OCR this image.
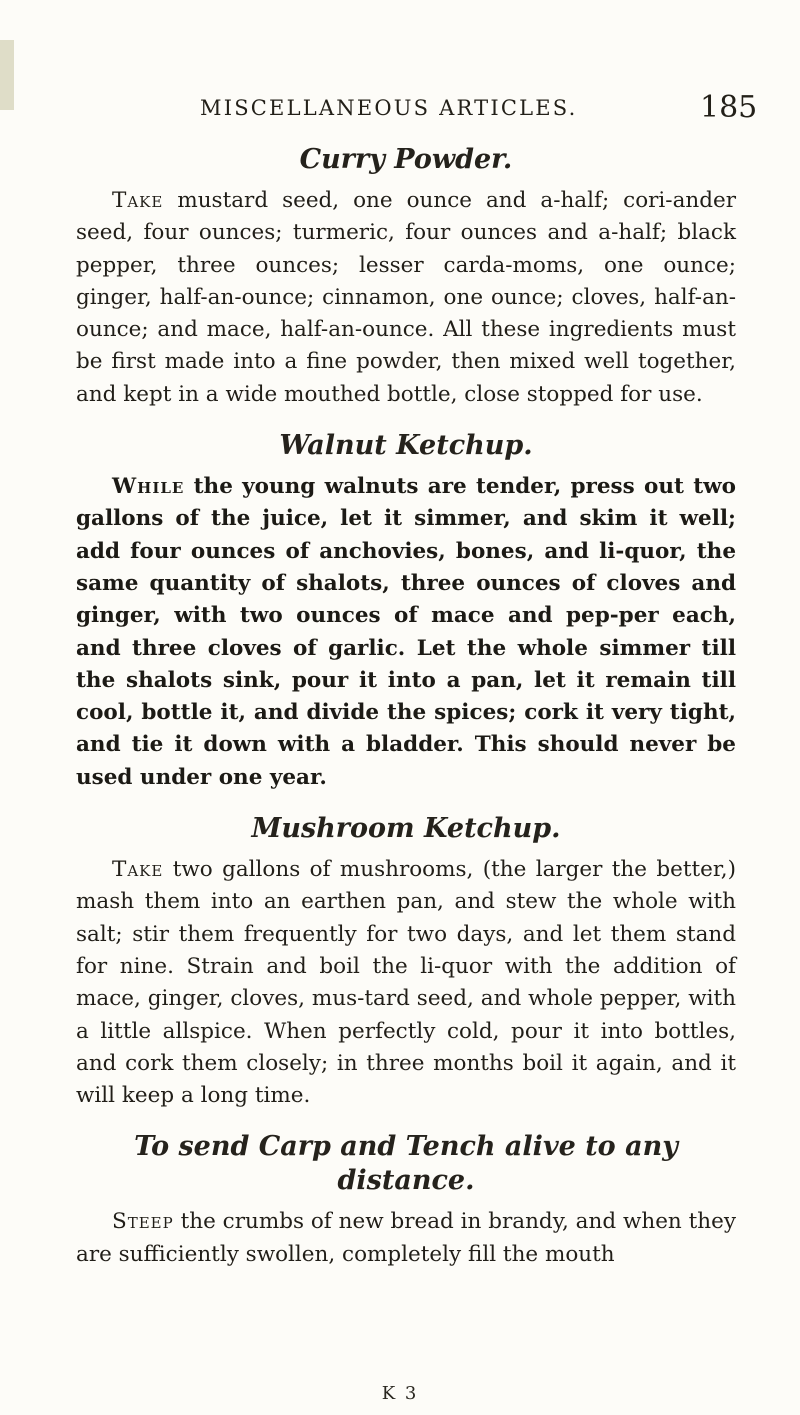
MISCELLANEOUS ARTICLES.	185
Curry Powder.

Take mustard seed, one ounce and a-half; cori-ander seed, four ounces; turmeric, four ounces and a-half; black pepper, three ounces; lesser carda-moms, one ounce; ginger, half-an-ounce; cinnamon, one ounce; cloves, half-an-ounce; and mace, half-an-ounce. All these ingredients must be first made into a fine powder, then mixed well together, and kept in a wide mouthed bottle, close stopped for use.

Walnut Ketchup.

While the young walnuts are tender, press out two gallons of the juice, let it simmer, and skim it well; add four ounces of anchovies, bones, and li-quor, the same quantity of shalots, three ounces of cloves and ginger, with two ounces of mace and pep-per each, and three cloves of garlic. Let the whole simmer till the shalots sink, pour it into a pan, let it remain till cool, bottle it, and divide the spices; cork it very tight, and tie it down with a bladder. This should never be used under one year.

Mushroom Ketchup.

Take two gallons of mushrooms, (the larger the better,) mash them into an earthen pan, and stew the whole with salt; stir them frequently for two days, and let them stand for nine. Strain and boil the li-quor with the addition of mace, ginger, cloves, mus-tard seed, and whole pepper, with a little allspice. When perfectly cold, pour it into bottles, and cork them closely; in three months boil it again, and it will keep a long time.

To send Carp and Tench alive to any distance.

Steep the crumbs of new bread in brandy, and when they are sufficiently swollen, completely fill the mouth

K 3
